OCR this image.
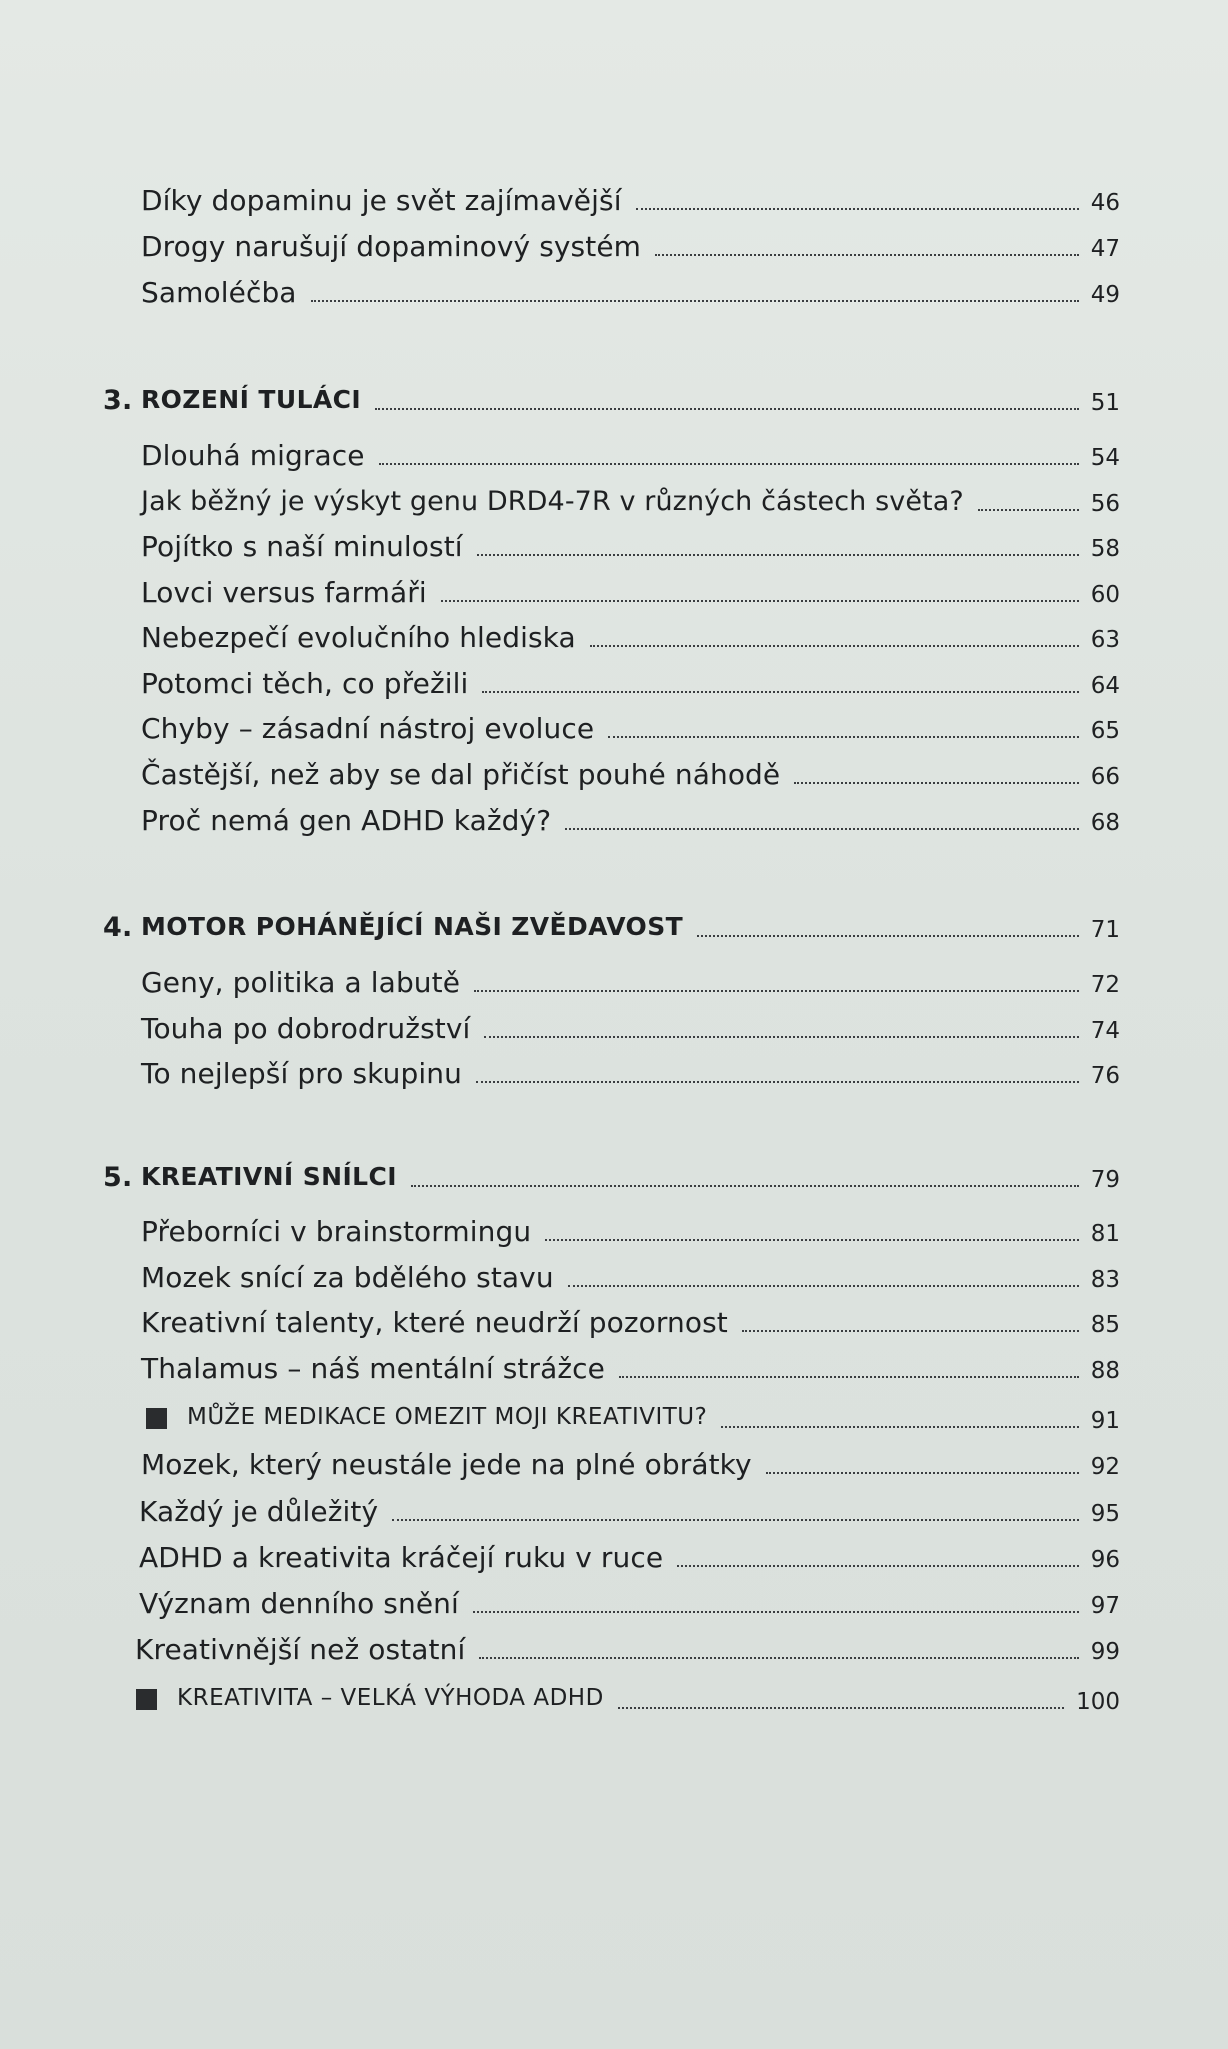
Díky dopaminu je svět zajímavější	46
Drogy narušují dopaminový systém	47
Samoléčba	49
3. ROZENÍ TULÁCI	51
Dlouhá migrace	54
Jak běžný je výskyt genu DRD4-7R v různých částech světa?	56
Pojítko s naší minulostí	58
Lovci versus farmáři	60
Nebezpečí evolučního hlediska	63
Potomci těch, co přežili	64
Chyby – zásadní nástroj evoluce	65
Častější, než aby se dal přičíst pouhé náhodě	66
Proč nemá gen ADHD každý?	68
4. MOTOR POHÁNĚJÍCÍ NAŠI ZVĚDAVOST	71
Geny, politika a labutě	72
Touha po dobrodružství	74
To nejlepší pro skupinu	76
5. KREATIVNÍ SNÍLCI	79
Přeborníci v brainstormingu	81
Mozek snící za bdělého stavu	83
Kreativní talenty, které neudrží pozornost	85
Thalamus – náš mentální strážce	88
MŮŽE MEDIKACE OMEZIT MOJI KREATIVITU?	91
Mozek, který neustále jede na plné obrátky	92
Každý je důležitý	95
ADHD a kreativita kráčejí ruku v ruce	96
Význam denního snění	97
Kreativnější než ostatní	99
KREATIVITA – VELKÁ VÝHODA ADHD	100
